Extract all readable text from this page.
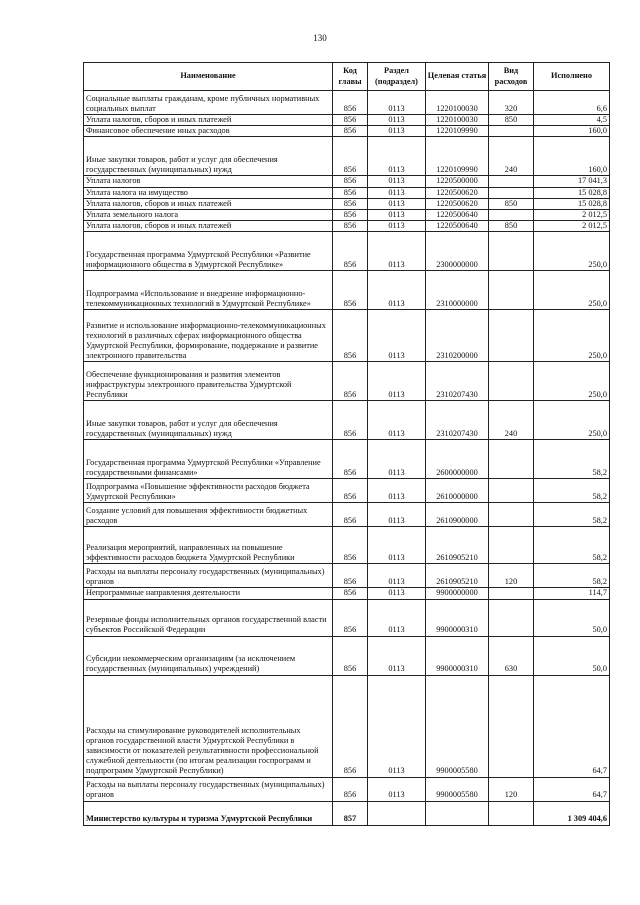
130
Наименование	Код главы	Раздел (подраздел)	Целевая статья	Вид расходов	Исполнено
Социальные выплаты гражданам, кроме публичных нормативных социальных выплат	856	0113	1220100030	320	6,6
Уплата налогов, сборов и иных платежей	856	0113	1220100030	850	4,5
Финансовое обеспечение иных расходов	856	0113	1220109990		160,0
Иные закупки товаров, работ и услуг для обеспечения государственных (муниципальных) нужд	856	0113	1220109990	240	160,0
Уплата налогов	856	0113	1220500000		17 041,3
Уплата налога на имущество	856	0113	1220500620		15 028,8
Уплата налогов, сборов и иных платежей	856	0113	1220500620	850	15 028,8
Уплата земельного налога	856	0113	1220500640		2 012,5
Уплата налогов, сборов и иных платежей	856	0113	1220500640	850	2 012,5
Государственная программа Удмуртской Республики «Развитие информационного общества в Удмуртской Республике»	856	0113	2300000000		250,0
Подпрограмма «Использование и внедрение информационно-телекоммуникационных технологий в Удмуртской Республике»	856	0113	2310000000		250,0
Развитие и использование информационно-телекоммуникационных технологий в различных сферах информационного общества Удмуртской Республики, формирование, поддержание и развитие электронного правительства	856	0113	2310200000		250,0
Обеспечение функционирования и развития элементов инфраструктуры электронного правительства Удмуртской Республики	856	0113	2310207430		250,0
Иные закупки товаров, работ и услуг для обеспечения государственных (муниципальных) нужд	856	0113	2310207430	240	250,0
Государственная программа Удмуртской Республики «Управление государственными финансами»	856	0113	2600000000		58,2
Подпрограмма «Повышение эффективности расходов бюджета Удмуртской Республики»	856	0113	2610000000		58,2
Создание условий для повышения эффективности бюджетных расходов	856	0113	2610900000		58,2
Реализация мероприятий, направленных на повышение эффективности расходов бюджета Удмуртской Республики	856	0113	2610905210		58,2
Расходы на выплаты персоналу государственных (муниципальных) органов	856	0113	2610905210	120	58,2
Непрограммные направления деятельности	856	0113	9900000000		114,7
Резервные фонды исполнительных органов государственной власти субъектов Российской Федерации	856	0113	9900000310		50,0
Субсидии некоммерческим организациям (за исключением государственных (муниципальных) учреждений)	856	0113	9900000310	630	50,0
Расходы на стимулирование руководителей исполнительных органов государственной власти Удмуртской Республики в зависимости от показателей результативности профессиональной служебной деятельности (по итогам реализации госпрограмм и подпрограмм Удмуртской Республики)	856	0113	9900005580		64,7
Расходы на выплаты персоналу государственных (муниципальных) органов	856	0113	9900005580	120	64,7
Министерство культуры и туризма Удмуртской Республики	857				1 309 404,6
